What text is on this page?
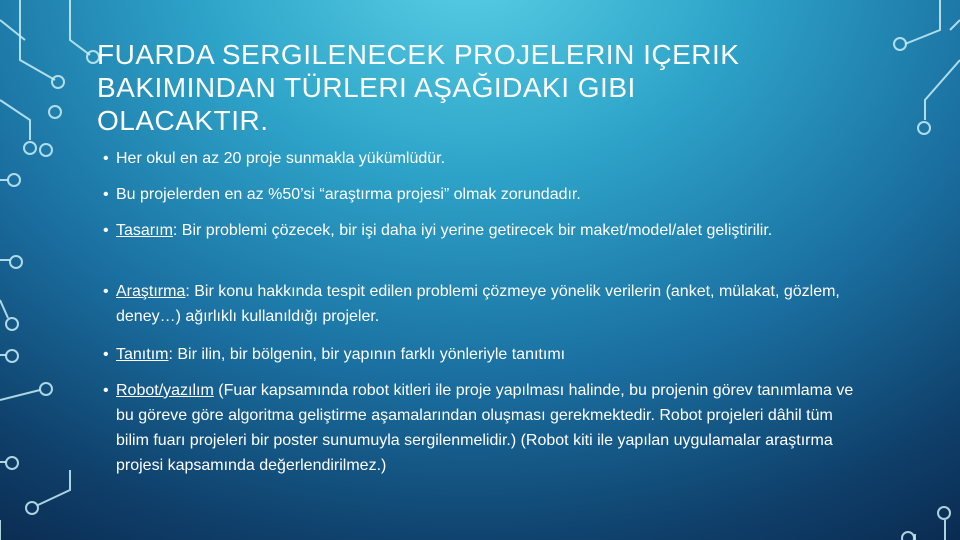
FUARDA SERGILENECEK PROJELERIN IÇERIK
BAKIMINDAN TÜRLERI AŞAĞIDAKI GIBI
OLACAKTIR.
• Her okul en az 20 proje sunmakla yükümlüdür.
• Bu projelerden en az %50’si “araştırma projesi” olmak zorundadır.
• Tasarım: Bir problemi çözecek, bir işi daha iyi yerine getirecek bir maket/model/alet geliştirilir.
• Araştırma: Bir konu hakkında tespit edilen problemi çözmeye yönelik verilerin (anket, mülakat, gözlem, deney…) ağırlıklı kullanıldığı projeler.
• Tanıtım: Bir ilin, bir bölgenin, bir yapının farklı yönleriyle tanıtımı
• Robot/yazılım (Fuar kapsamında robot kitleri ile proje yapılması halinde, bu projenin görev tanımlama ve bu göreve göre algoritma geliştirme aşamalarından oluşması gerekmektedir. Robot projeleri dâhil tüm bilim fuarı projeleri bir poster sunumuyla sergilenmelidir.) (Robot kiti ile yapılan uygulamalar araştırma projesi kapsamında değerlendirilmez.)
